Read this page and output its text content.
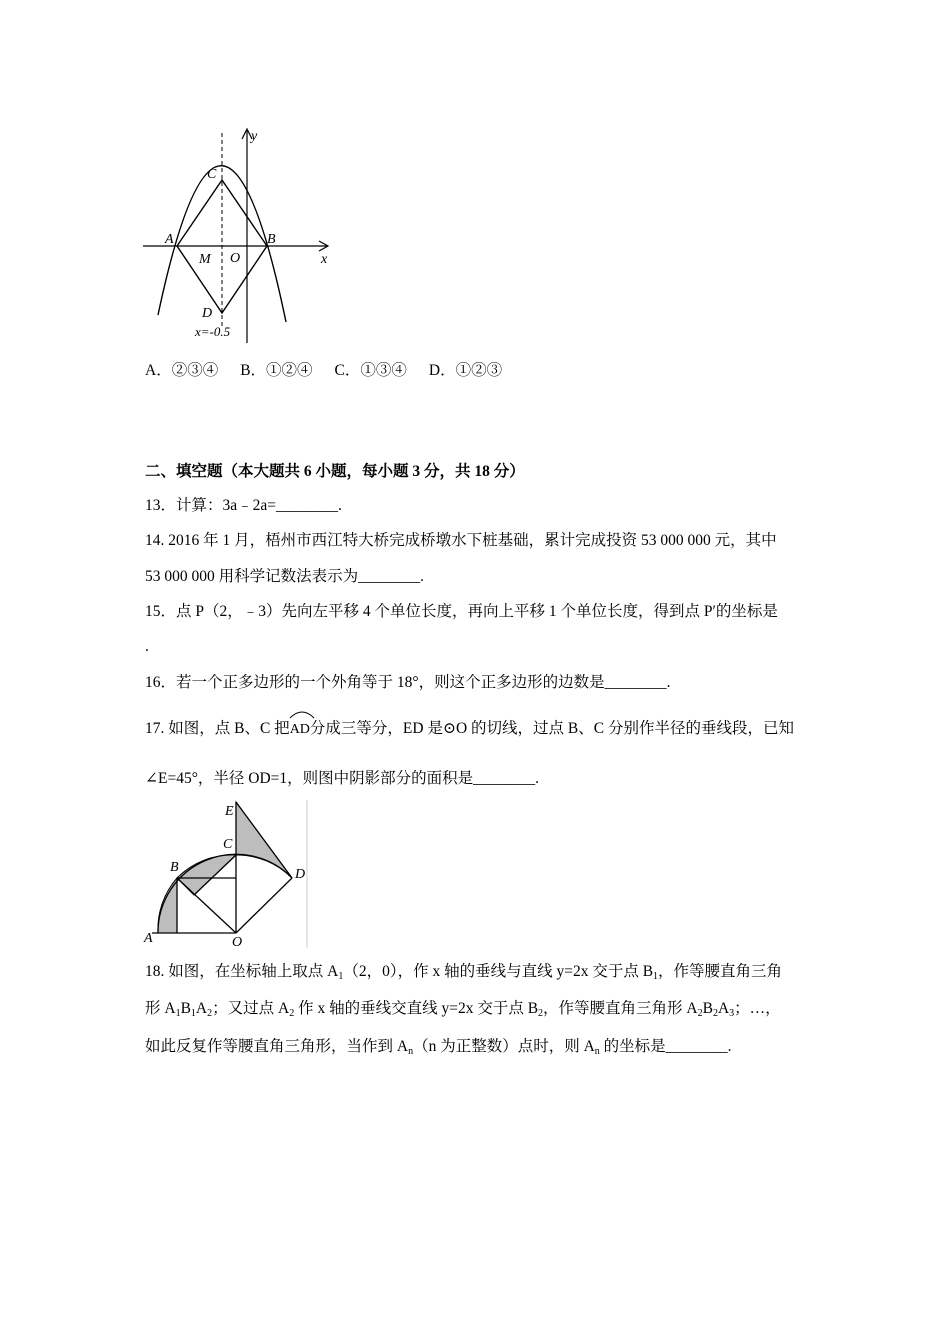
y
x
C
A	B
M O
D
x=-0.5
A．②③④ B．①②④ C．①③④ D．①②③
二、填空题（本大题共 6 小题，每小题 3 分，共 18 分）
13．计算：3a﹣2a=________.
14. 2016 年 1 月，梧州市西江特大桥完成桥墩水下桩基础，累计完成投资 53 000 000 元，其中
53 000 000 用科学记数法表示为________.
15．点 P（2，﹣3）先向左平移 4 个单位长度，再向上平移 1 个单位长度，得到点 P′的坐标是
.
16．若一个正多边形的一个外角等于 18°，则这个正多边形的边数是________.
17. 如图，点 B、C 把
AD分成三等分，ED 是⊙O 的切线，过点 B、C 分别作半径的垂线段，已知
∠E=45°，半径 OD=1，则图中阴影部分的面积是________.
E
C
B	D
A	O
18. 如图，在坐标轴上取点 $A_1(2$，0），作 x 轴的垂线与直线 y=2x 交于点 $B_1$，作等腰直角三角
形 $A_1B_1A_2$；又过点 $A_2$ 作 x 轴的垂线交直线 y=2x 交于点 $B_2$，作等腰直角三角形 $A_2B_2A_3$；…，
如此反复作等腰直角三角形，当作到 $A_n(n$ 为正整数）点时，则 $A_n$ 的坐标是________.
